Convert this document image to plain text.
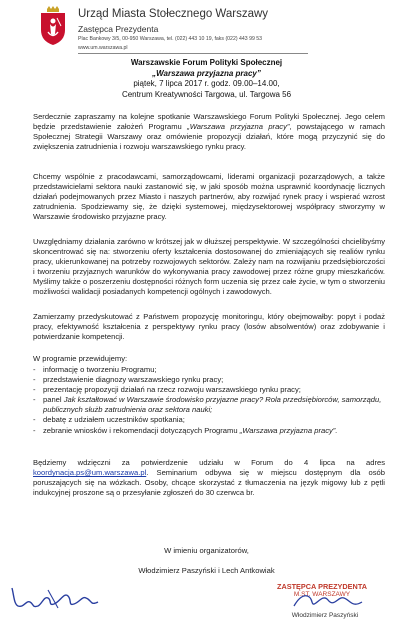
Urząd Miasta Stołecznego Warszawy
Zastępca Prezydenta
Plac Bankowy 3/5, 00-950 Warszawa, tel. (022) 443 10 19, faks (022) 443 99 53
www.um.warszawa.pl
Warszawskie Forum Polityki Społecznej
„Warszawa przyjazna pracy”
piątek, 7 lipca 2017 r. godz. 09.00–14.00,
Centrum Kreatywności Targowa, ul. Targowa 56

Serdecznie zapraszamy na kolejne spotkanie Warszawskiego Forum Polityki Społecznej. Jego celem będzie przedstawienie założeń Programu „Warszawa przyjazna pracy”, powstającego w ramach Społecznej Strategii Warszawy oraz omówienie propozycji działań, które mogą przyczynić się do zwiększenia zatrudnienia i rozwoju warszawskiego rynku pracy.

Chcemy wspólnie z pracodawcami, samorządowcami, liderami organizacji pozarządowych, a także przedstawicielami sektora nauki zastanowić się, w jaki sposób można usprawnić koordynację licznych działań podejmowanych przez Miasto i naszych partnerów, aby rozwijać rynek pracy i wspierać wzrost zatrudnienia. Spodziewamy się, że dzięki systemowej, międzysektorowej współpracy stworzymy w Warszawie środowisko przyjazne pracy.

Uwzględniamy działania zarówno w krótszej jak w dłuższej perspektywie. W szczególności chcielibyśmy skoncentrować się na: stworzeniu oferty kształcenia dostosowanej do zmieniających się realiów rynku pracy, ukierunkowanej na potrzeby rozwojowych sektorów. Zależy nam na rozwijaniu przedsiębiorczości i tworzeniu przyjaznych warunków do wykonywania pracy zawodowej przez różne grupy mieszkańców. Myślimy także o poszerzeniu dostępności różnych form uczenia się przez całe życie, w tym o stworzeniu możliwości walidacji posiadanych kompetencji ogólnych i zawodowych.

Zamierzamy przedyskutować z Państwem propozycję monitoringu, który obejmowałby: popyt i podaż pracy, efektywność kształcenia z perspektywy rynku pracy (losów absolwentów) oraz zdobywanie i potwierdzanie kompetencji.

W programie przewidujemy:
- informację o tworzeniu Programu;
- przedstawienie diagnozy warszawskiego rynku pracy;
- prezentację propozycji działań na rzecz rozwoju warszawskiego rynku pracy;
- panel Jak kształtować w Warszawie środowisko przyjazne pracy? Rola przedsiębiorców, samorządu, publicznych służb zatrudnienia oraz sektora nauki;
- debatę z udziałem uczestników spotkania;
- zebranie wniosków i rekomendacji dotyczących Programu „Warszawa przyjazna pracy”.

Będziemy wdzięczni za potwierdzenie udziału w Forum do 4 lipca na adres koordynacja.ps@um.warszawa.pl. Seminarium odbywa się w miejscu dostępnym dla osób poruszających się na wózkach. Osoby, chcące skorzystać z tłumaczenia na język migowy lub z pętli indukcyjnej proszone są o przesyłanie zgłoszeń do 30 czerwca br.

W imieniu organizatorów,
Włodzimierz Paszyński i Lech Antkowiak
ZASTĘPCA PREZYDENTA
M.ST. WARSZAWY
Włodzimierz Paszyński
